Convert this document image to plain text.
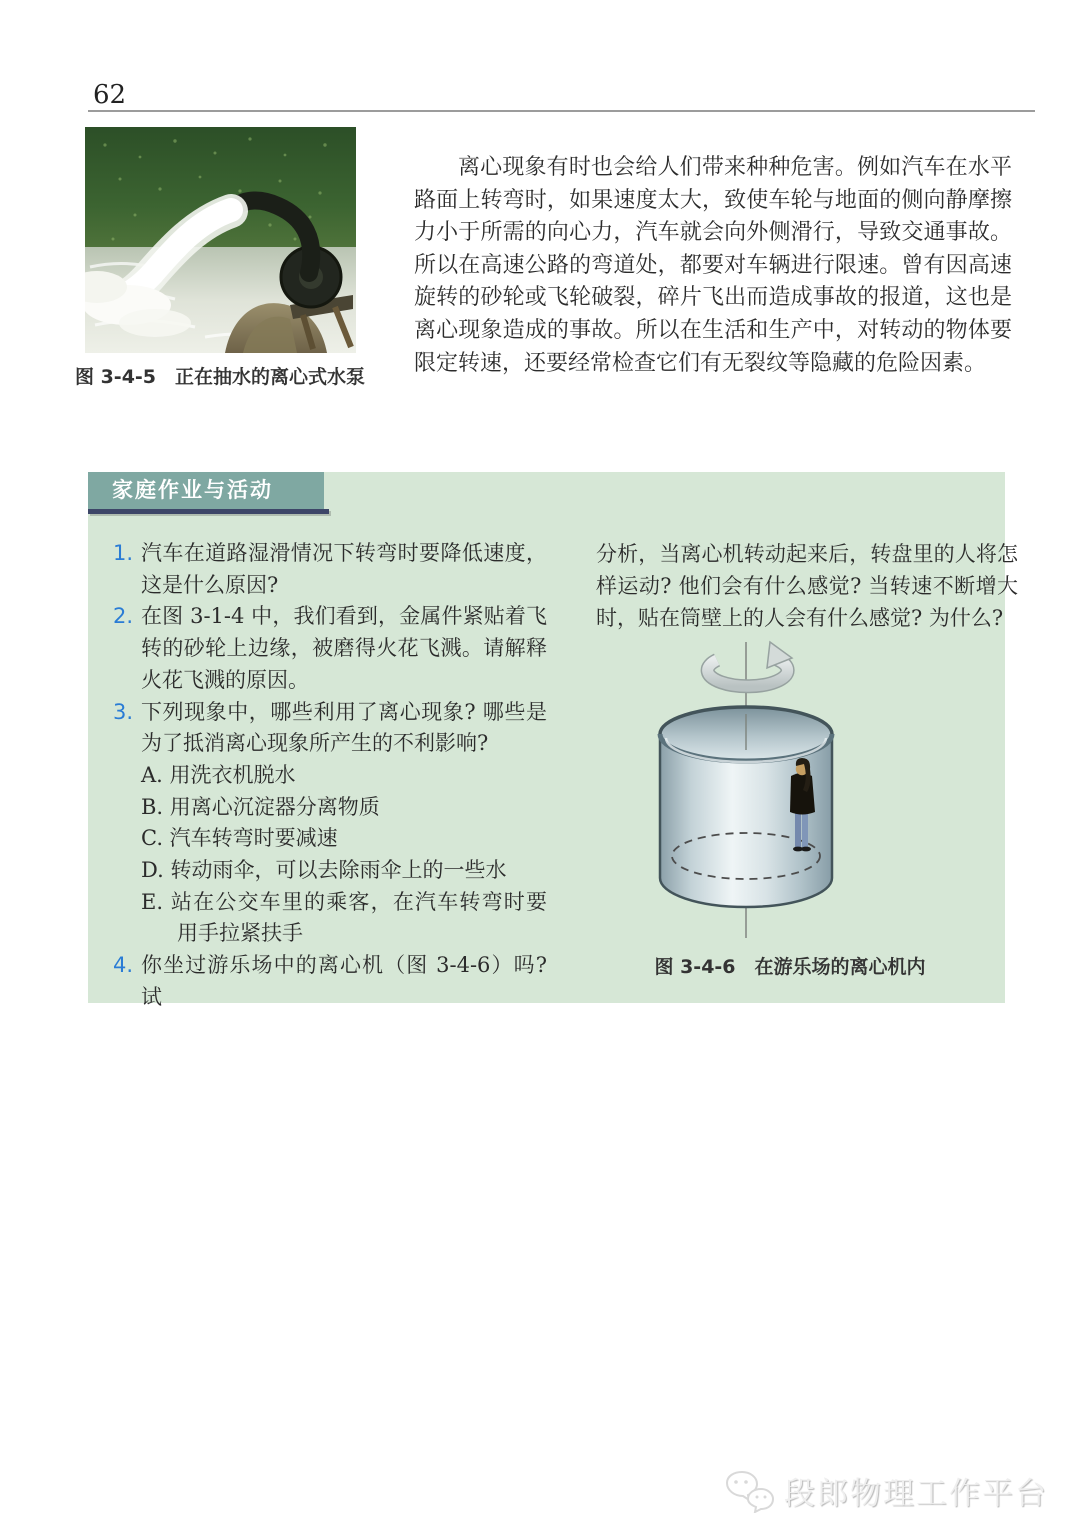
62
图 3-4-5　正在抽水的离心式水泵
离心现象有时也会给人们带来种种危害。例如汽车在水平路面上转弯时，如果速度太大，致使车轮与地面的侧向静摩擦力小于所需的向心力，汽车就会向外侧滑行，导致交通事故。所以在高速公路的弯道处，都要对车辆进行限速。曾有因高速旋转的砂轮或飞轮破裂，碎片飞出而造成事故的报道，这也是离心现象造成的事故。所以在生活和生产中，对转动的物体要限定转速，还要经常检查它们有无裂纹等隐藏的危险因素。
家庭作业与活动
1. 汽车在道路湿滑情况下转弯时要降低速度，这是什么原因?
2. 在图 3-1-4 中，我们看到，金属件紧贴着飞转的砂轮上边缘，被磨得火花飞溅。请解释火花飞溅的原因。
3. 下列现象中，哪些利用了离心现象? 哪些是为了抵消离心现象所产生的不利影响?
A. 用洗衣机脱水
B. 用离心沉淀器分离物质
C. 汽车转弯时要减速
D. 转动雨伞，可以去除雨伞上的一些水
E. 站在公交车里的乘客，在汽车转弯时要用手拉紧扶手
4. 你坐过游乐场中的离心机（图 3-4-6）吗? 试
分析，当离心机转动起来后，转盘里的人将怎样运动? 他们会有什么感觉? 当转速不断增大时，贴在筒壁上的人会有什么感觉? 为什么?
图 3-4-6　在游乐场的离心机内
段郎物理工作平台
